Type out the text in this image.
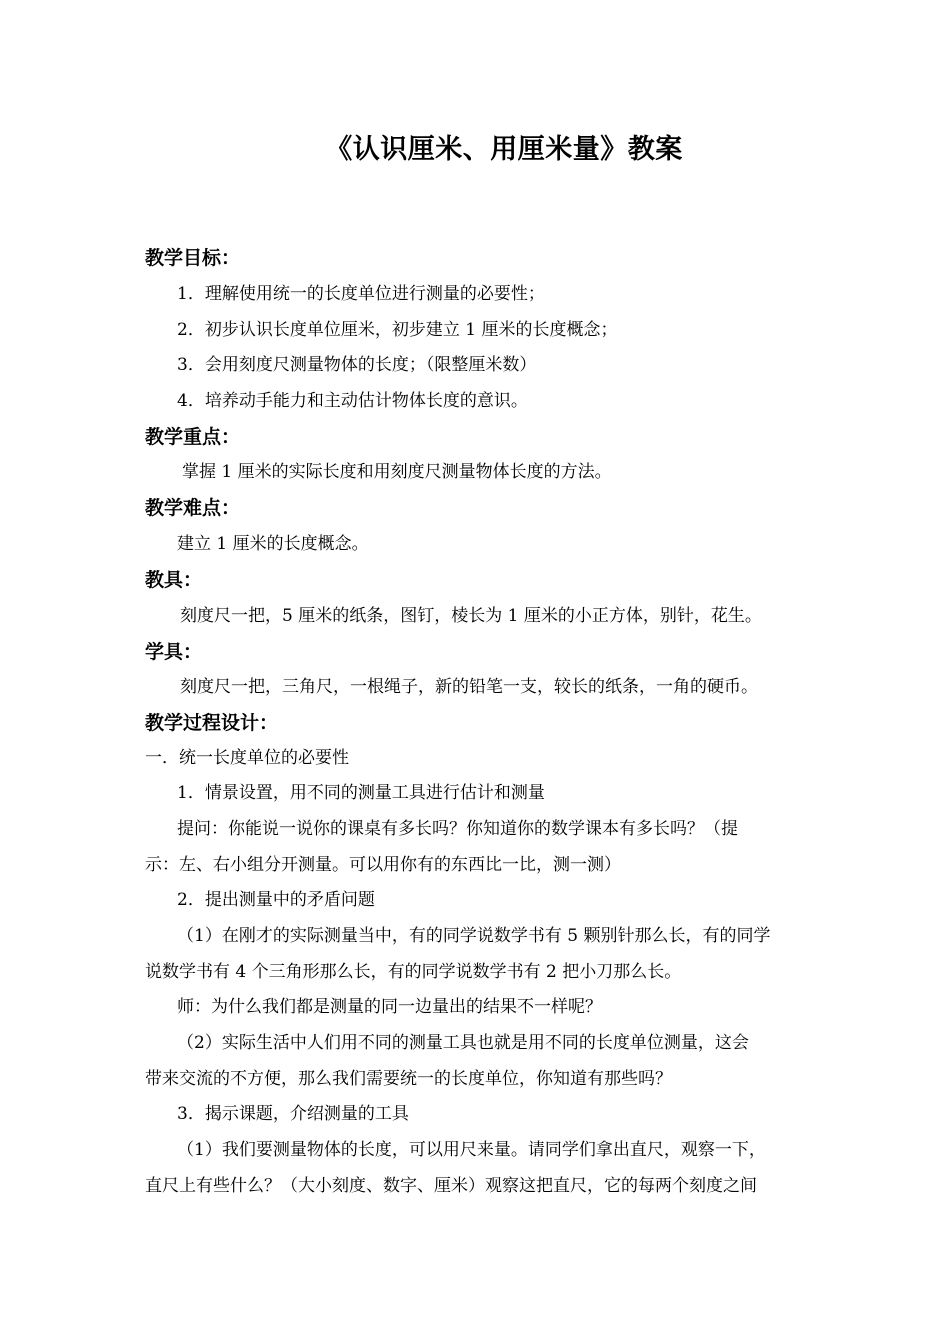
《认识厘米、用厘米量》教案
教学目标：
1．理解使用统一的长度单位进行测量的必要性；
2．初步认识长度单位厘米，初步建立 1 厘米的长度概念；
3．会用刻度尺测量物体的长度；（限整厘米数）
4．培养动手能力和主动估计物体长度的意识。
教学重点：
掌握 1 厘米的实际长度和用刻度尺测量物体长度的方法。
教学难点：
建立 1 厘米的长度概念。
教具：
刻度尺一把，5 厘米的纸条，图钉，棱长为 1 厘米的小正方体，别针，花生。
学具：
刻度尺一把，三角尺，一根绳子，新的铅笔一支，较长的纸条，一角的硬币。
教学过程设计：
一．统一长度单位的必要性
1．情景设置，用不同的测量工具进行估计和测量
提问：你能说一说你的课桌有多长吗？你知道你的数学课本有多长吗？（提
示：左、右小组分开测量。可以用你有的东西比一比，测一测）
2．提出测量中的矛盾问题
（1）在刚才的实际测量当中，有的同学说数学书有 5 颗别针那么长，有的同学
说数学书有 4 个三角形那么长，有的同学说数学书有 2 把小刀那么长。
师：为什么我们都是测量的同一边量出的结果不一样呢？
（2）实际生活中人们用不同的测量工具也就是用不同的长度单位测量，这会
带来交流的不方便，那么我们需要统一的长度单位，你知道有那些吗？
3．揭示课题，介绍测量的工具
（1）我们要测量物体的长度，可以用尺来量。请同学们拿出直尺，观察一下，
直尺上有些什么？（大小刻度、数字、厘米）观察这把直尺，它的每两个刻度之间
